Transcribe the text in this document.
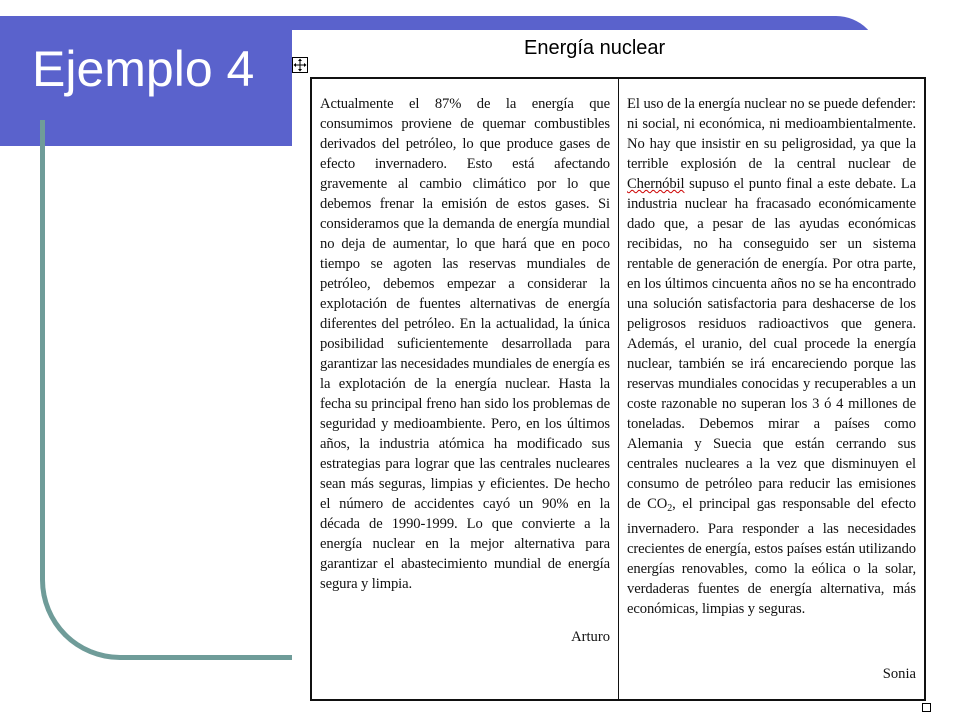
Ejemplo 4	Energía nuclear

Actualmente el 87% de la energía que consumimos proviene de quemar combustibles derivados del petróleo, lo que produce gases de efecto invernadero. Esto está afectando gravemente al cambio climático por lo que debemos frenar la emisión de estos gases. Si consideramos que la demanda de energía mundial no deja de aumentar, lo que hará que en poco tiempo se agoten las reservas mundiales de petróleo, debemos empezar a considerar la explotación de fuentes alternativas de energía diferentes del petróleo. En la actualidad, la única posibilidad suficientemente desarrollada para garantizar las necesidades mundiales de energía es la explotación de la energía nuclear. Hasta la fecha su principal freno han sido los problemas de seguridad y medioambiente. Pero, en los últimos años, la industria atómica ha modificado sus estrategias para lograr que las centrales nucleares sean más seguras, limpias y eficientes. De hecho el número de accidentes cayó un 90% en la década de 1990-1999. Lo que convierte a la energía nuclear en la mejor alternativa para garantizar el abastecimiento mundial de energía segura y limpia.

Arturo

El uso de la energía nuclear no se puede defender: ni social, ni económica, ni medioambientalmente. No hay que insistir en su peligrosidad, ya que la terrible explosión de la central nuclear de Chernóbil supuso el punto final a este debate. La industria nuclear ha fracasado económicamente dado que, a pesar de las ayudas económicas recibidas, no ha conseguido ser un sistema rentable de generación de energía. Por otra parte, en los últimos cincuenta años no se ha encontrado una solución satisfactoria para deshacerse de los peligrosos residuos radioactivos que genera. Además, el uranio, del cual procede la energía nuclear, también se irá encareciendo porque las reservas mundiales conocidas y recuperables a un coste razonable no superan los 3 ó 4 millones de toneladas. Debemos mirar a países como Alemania y Suecia que están cerrando sus centrales nucleares a la vez que disminuyen el consumo de petróleo para reducir las emisiones de $CO_2$, el principal gas responsable del efecto invernadero. Para responder a las necesidades crecientes de energía, estos países están utilizando energías renovables, como la eólica o la solar, verdaderas fuentes de energía alternativa, más económicas, limpias y seguras.

Sonia
